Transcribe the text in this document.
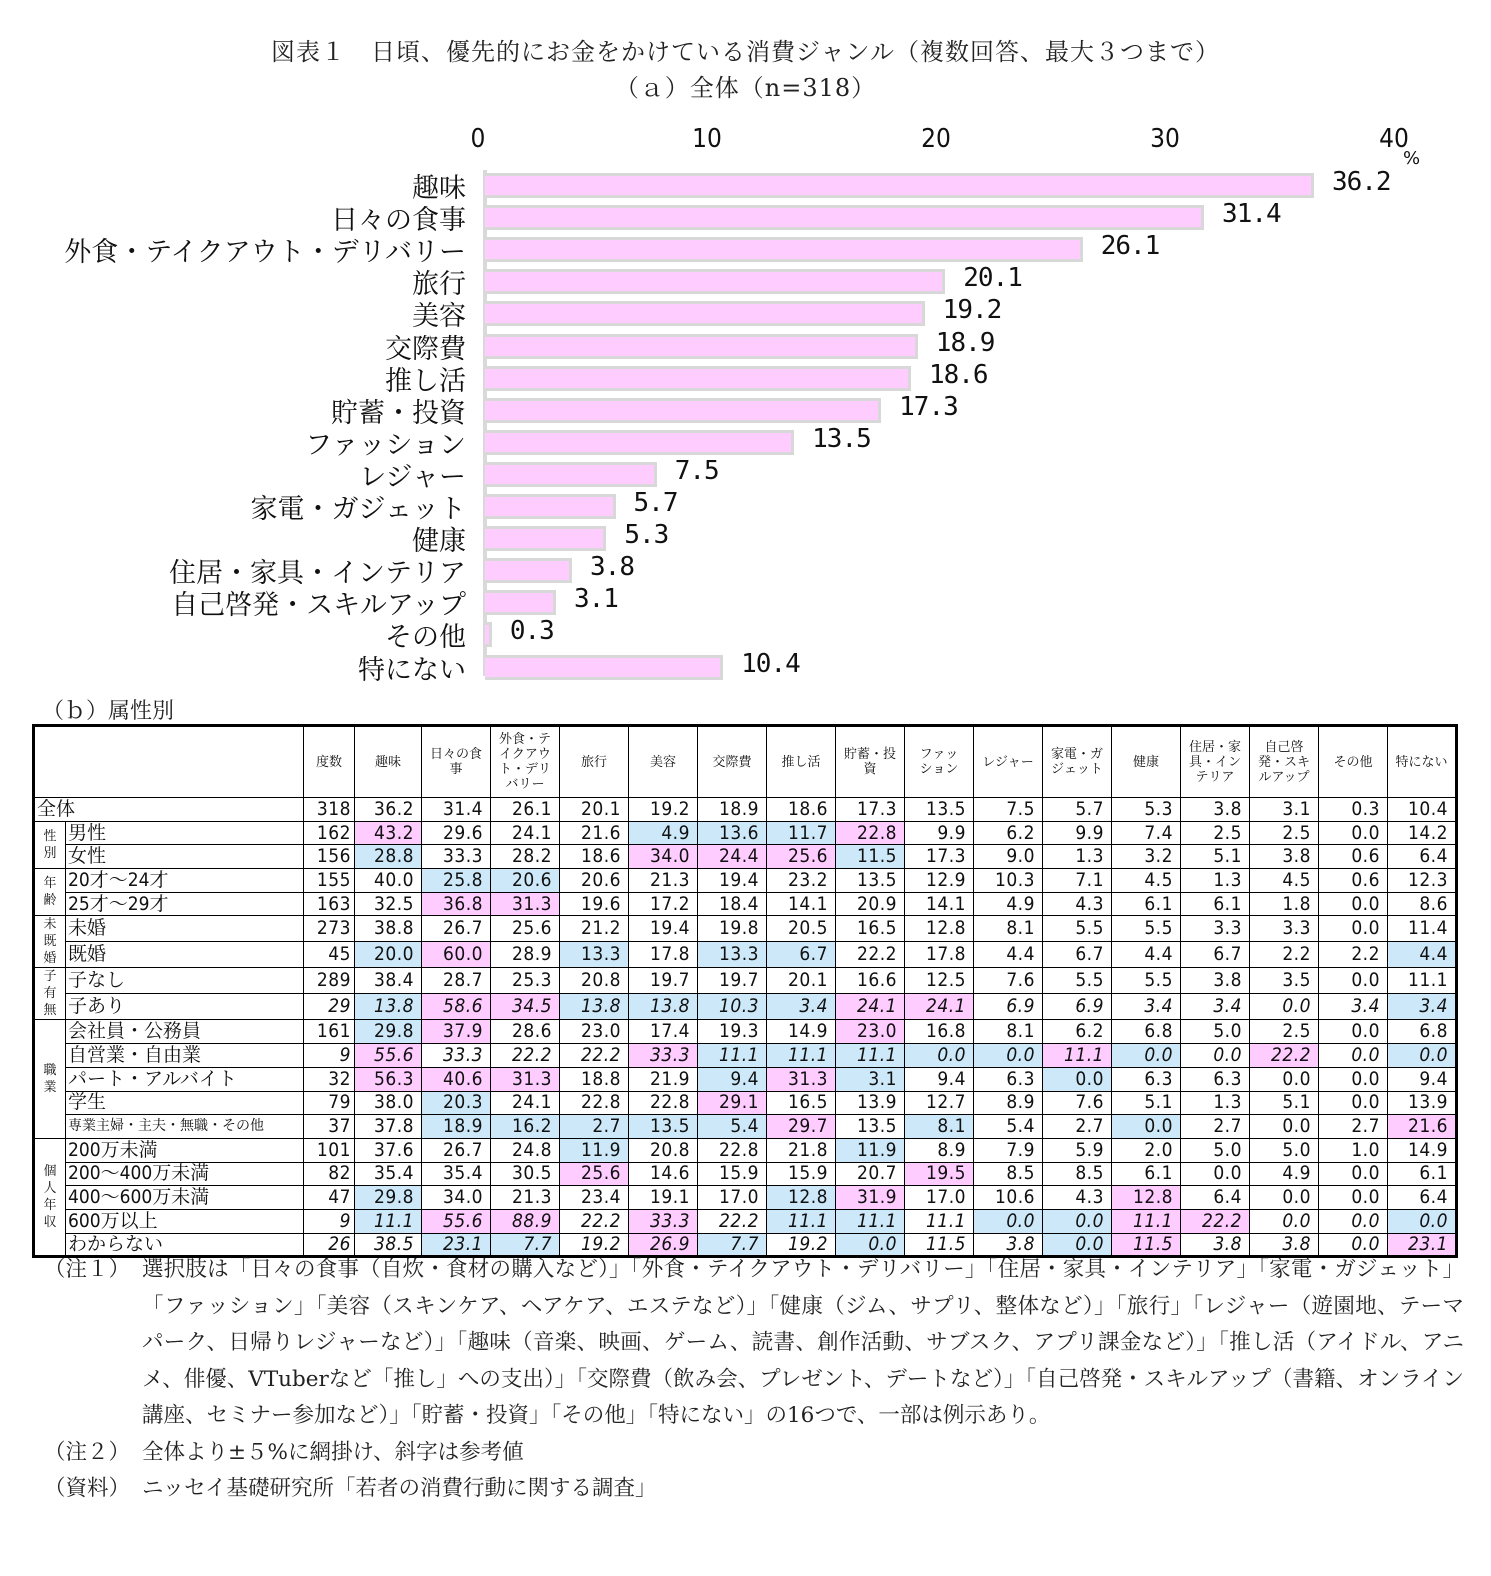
図表１　日頃、優先的にお金をかけている消費ジャンル（複数回答、最大３つまで）
（ａ）全体（n=318）
0	10	20	30	40
%
趣味	36.2
日々の食事	31.4
外食・テイクアウト・デリバリー	26.1
旅行	20.1
美容	19.2
交際費	18.9
推し活	18.6
貯蓄・投資	17.3
ファッション	13.5
レジャー	7.5
家電・ガジェット	5.7
健康	5.3
住居・家具・インテリア	3.8
自己啓発・スキルアップ	3.1
その他 0.3
特にない	10.4
（ｂ）属性別
		度数	趣味	日々の食
事	外食・テ
イクアウ
ト・デリ
バリー	旅行	美容	交際費	推し活	貯蓄・投
資	ファッ
ション	レジャー	家電・ガ
ジェット	健康	住居・家
具・イン
テリア	自己啓
発・スキ
ルアップ	その他	特にない
全体		318	36.2	31.4	26.1	20.1	19.2	18.9	18.6	17.3	13.5	7.5	5.7	5.3	3.8	3.1	0.3	10.4
性
別	男性	162	43.2	29.6	24.1	21.6	4.9	13.6	11.7	22.8	9.9	6.2	9.9	7.4	2.5	2.5	0.0	14.2
	女性	156	28.8	33.3	28.2	18.6	34.0	24.4	25.6	11.5	17.3	9.0	1.3	3.2	5.1	3.8	0.6	6.4
年
齢	20才～24才	155	40.0	25.8	20.6	20.6	21.3	19.4	23.2	13.5	12.9	10.3	7.1	4.5	1.3	4.5	0.6	12.3
	25才～29才	163	32.5	36.8	31.3	19.6	17.2	18.4	14.1	20.9	14.1	4.9	4.3	6.1	6.1	1.8	0.0	8.6
未
既
婚	未婚	273	38.8	26.7	25.6	21.2	19.4	19.8	20.5	16.5	12.8	8.1	5.5	5.5	3.3	3.3	0.0	11.4
	既婚	45	20.0	60.0	28.9	13.3	17.8	13.3	6.7	22.2	17.8	4.4	6.7	4.4	6.7	2.2	2.2	4.4
子
有
無	子なし	289	38.4	28.7	25.3	20.8	19.7	19.7	20.1	16.6	12.5	7.6	5.5	5.5	3.8	3.5	0.0	11.1
	子あり	29	13.8	58.6	34.5	13.8	13.8	10.3	3.4	24.1	24.1	6.9	6.9	3.4	3.4	0.0	3.4	3.4
職
業	会社員・公務員	161	29.8	37.9	28.6	23.0	17.4	19.3	14.9	23.0	16.8	8.1	6.2	6.8	5.0	2.5	0.0	6.8
	自営業・自由業	9	55.6	33.3	22.2	22.2	33.3	11.1	11.1	11.1	0.0	0.0	11.1	0.0	0.0	22.2	0.0	0.0
	パート・アルバイト	32	56.3	40.6	31.3	18.8	21.9	9.4	31.3	3.1	9.4	6.3	0.0	6.3	6.3	0.0	0.0	9.4
	学生	79	38.0	20.3	24.1	22.8	22.8	29.1	16.5	13.9	12.7	8.9	7.6	5.1	1.3	5.1	0.0	13.9
	専業主婦・主夫・無職・その他	37	37.8	18.9	16.2	2.7	13.5	5.4	29.7	13.5	8.1	5.4	2.7	0.0	2.7	0.0	2.7	21.6
個
人
年
収	200万未満	101	37.6	26.7	24.8	11.9	20.8	22.8	21.8	11.9	8.9	7.9	5.9	2.0	5.0	5.0	1.0	14.9
	200～400万未満	82	35.4	35.4	30.5	25.6	14.6	15.9	15.9	20.7	19.5	8.5	8.5	6.1	0.0	4.9	0.0	6.1
	400～600万未満	47	29.8	34.0	21.3	23.4	19.1	17.0	12.8	31.9	17.0	10.6	4.3	12.8	6.4	0.0	0.0	6.4
	600万以上	9	11.1	55.6	88.9	22.2	33.3	22.2	11.1	11.1	11.1	0.0	0.0	11.1	22.2	0.0	0.0	0.0
	わからない	26	38.5	23.1	7.7	19.2	26.9	7.7	19.2	0.0	11.5	3.8	0.0	11.5	3.8	3.8	0.0	23.1
（注１） 選択肢は「日々の食事（自炊・食材の購入など）」「外食・テイクアウト・デリバリー」「住居・家具・インテリア」「家電・ガジェット」「ファッション」「美容（スキンケア、ヘアケア、エステなど）」「健康（ジム、サプリ、整体など）」「旅行」「レジャー（遊園地、テーマパーク、日帰りレジャーなど）」「趣味（音楽、映画、ゲーム、読書、創作活動、サブスク、アプリ課金など）」「推し活（アイドル、アニメ、俳優、VTuberなど「推し」への支出）」「交際費（飲み会、プレゼント、デートなど）」「自己啓発・スキルアップ（書籍、オンライン講座、セミナー参加など）」「貯蓄・投資」「その他」「特にない」の16つで、一部は例示あり。
（注２） 全体より±５%に網掛け、斜字は参考値
（資料） ニッセイ基礎研究所「若者の消費行動に関する調査」
